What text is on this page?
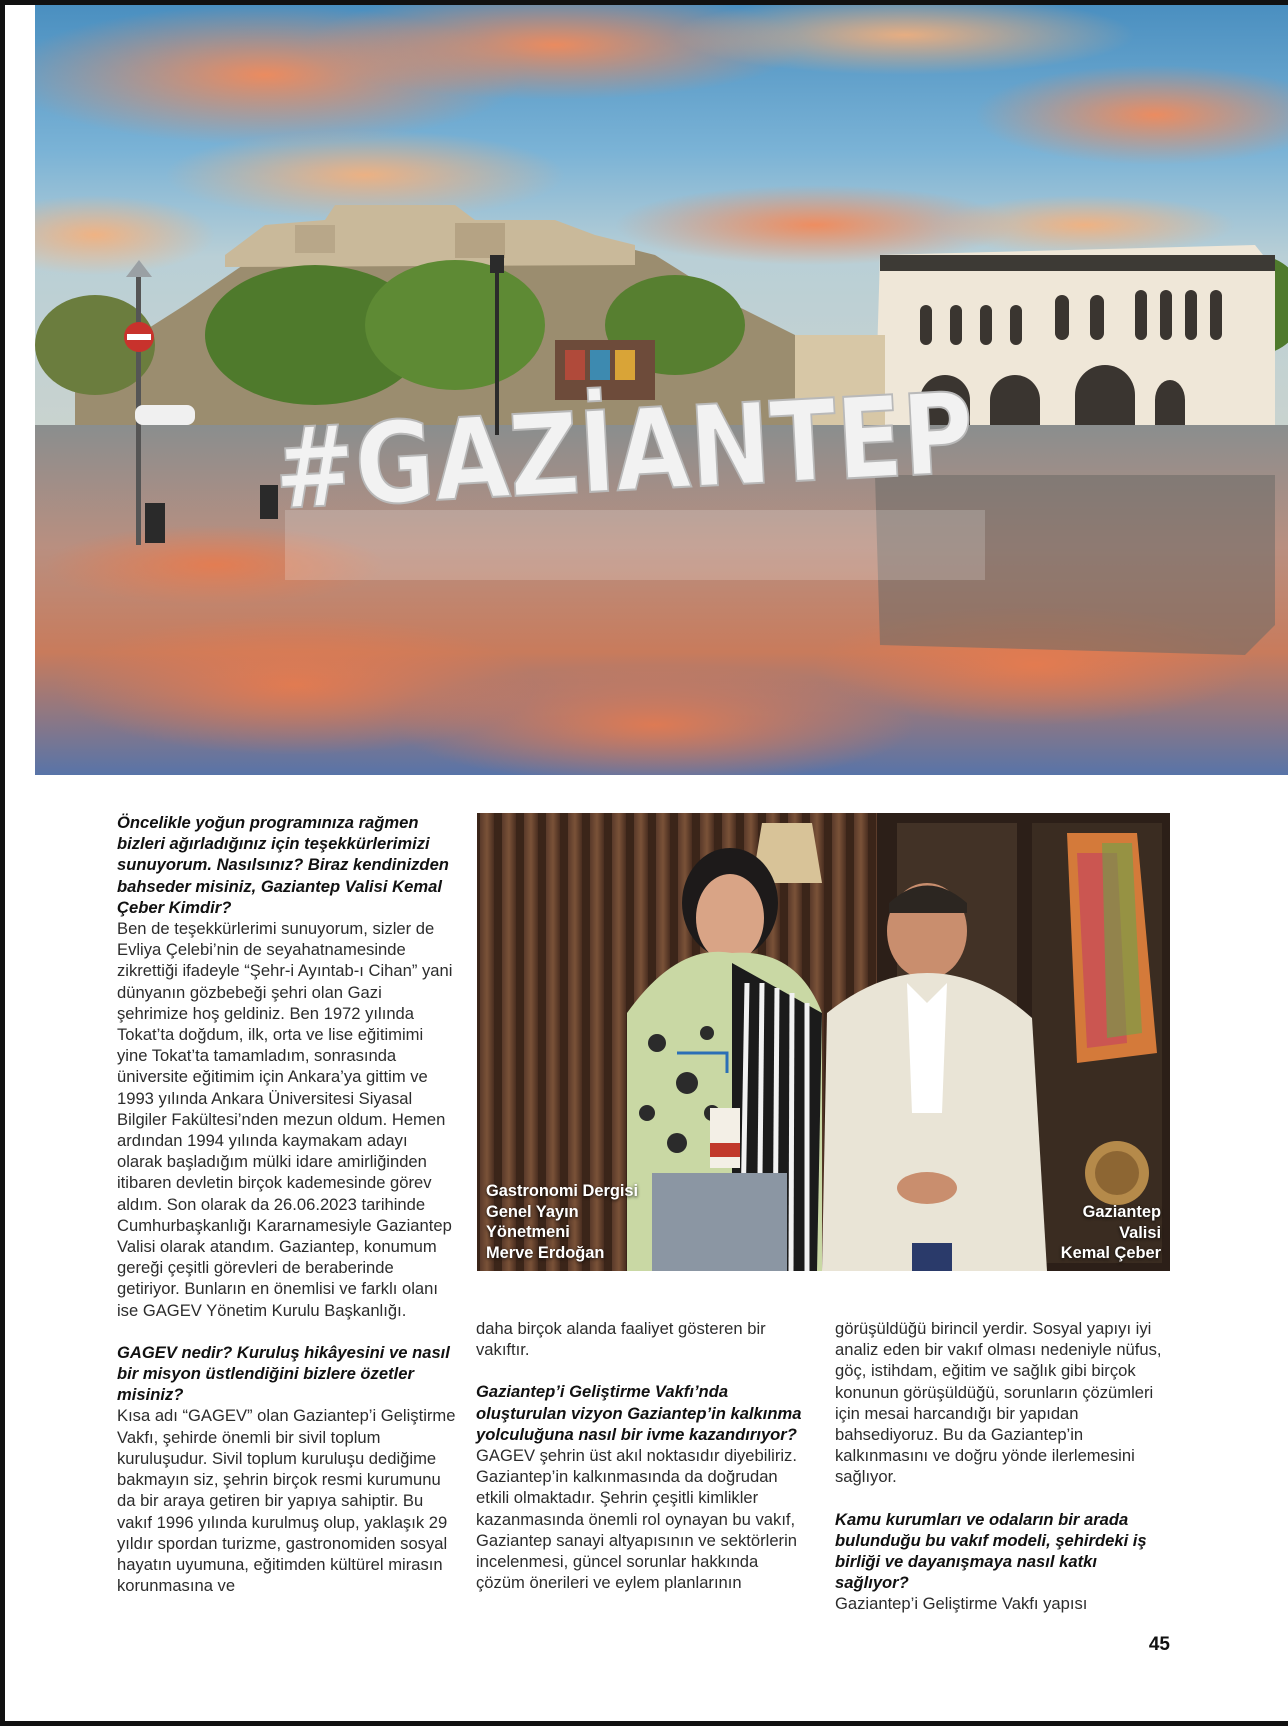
#GAZİANTEP

Öncelikle yoğun programınıza rağmen bizleri ağırladığınız için teşekkürlerimizi sunuyorum. Nasılsınız? Biraz kendinizden bahseder misiniz, Gaziantep Valisi Kemal Çeber Kimdir?

Ben de teşekkürlerimi sunuyorum, sizler de Evliya Çelebi’nin de seyahatnamesinde zikrettiği ifadeyle “Şehr-i Ayıntab-ı Cihan” yani dünyanın gözbebeği şehri olan Gazi şehrimize hoş geldiniz. Ben 1972 yılında Tokat’ta doğdum, ilk, orta ve lise eğitimimi yine Tokat’ta tamamladım, sonrasında üniversite eğitimim için Ankara’ya gittim ve 1993 yılında Ankara Üniversitesi Siyasal Bilgiler Fakültesi’nden mezun oldum. Hemen ardından 1994 yılında kaymakam adayı olarak başladığım mülki idare amirliğinden itibaren devletin birçok kademesinde görev aldım. Son olarak da 26.06.2023 tarihinde Cumhurbaşkanlığı Kararnamesiyle Gaziantep Valisi olarak atandım. Gaziantep, konumum gereği çeşitli görevleri de beraberinde getiriyor. Bunların en önemlisi ve farklı olanı ise GAGEV Yönetim Kurulu Başkanlığı.

GAGEV nedir? Kuruluş hikâyesini ve nasıl bir misyon üstlendiğini bizlere özetler misiniz?

Kısa adı “GAGEV” olan Gaziantep’i Geliştirme Vakfı, şehirde önemli bir sivil toplum kuruluşudur. Sivil toplum kuruluşu dediğime bakmayın siz, şehrin birçok resmi kurumunu da bir araya getiren bir yapıya sahiptir. Bu vakıf 1996 yılında kurulmuş olup, yaklaşık 29 yıldır spordan turizme, gastronomiden sosyal hayatın uyumuna, eğitimden kültürel mirasın korunmasına ve

Gastronomi Dergisi
Genel Yayın
Yönetmeni
Merve Erdoğan
Gaziantep
Valisi
Kemal Çeber

daha birçok alanda faaliyet gösteren bir vakıftır.

Gaziantep’i Geliştirme Vakfı’nda oluşturulan vizyon Gaziantep’in kalkınma yolculuğuna nasıl bir ivme kazandırıyor?

GAGEV şehrin üst akıl noktasıdır diyebiliriz. Gaziantep’in kalkınmasında da doğrudan etkili olmaktadır. Şehrin çeşitli kimlikler kazanmasında önemli rol oynayan bu vakıf, Gaziantep sanayi altyapısının ve sektörlerin incelenmesi, güncel sorunlar hakkında çözüm önerileri ve eylem planlarının

görüşüldüğü birincil yerdir. Sosyal yapıyı iyi analiz eden bir vakıf olması nedeniyle nüfus, göç, istihdam, eğitim ve sağlık gibi birçok konunun görüşüldüğü, sorunların çözümleri için mesai harcandığı bir yapıdan bahsediyoruz. Bu da Gaziantep’in kalkınmasını ve doğru yönde ilerlemesini sağlıyor.

Kamu kurumları ve odaların bir arada bulunduğu bu vakıf modeli, şehirdeki iş birliği ve dayanışmaya nasıl katkı sağlıyor?

Gaziantep’i Geliştirme Vakfı yapısı

45
